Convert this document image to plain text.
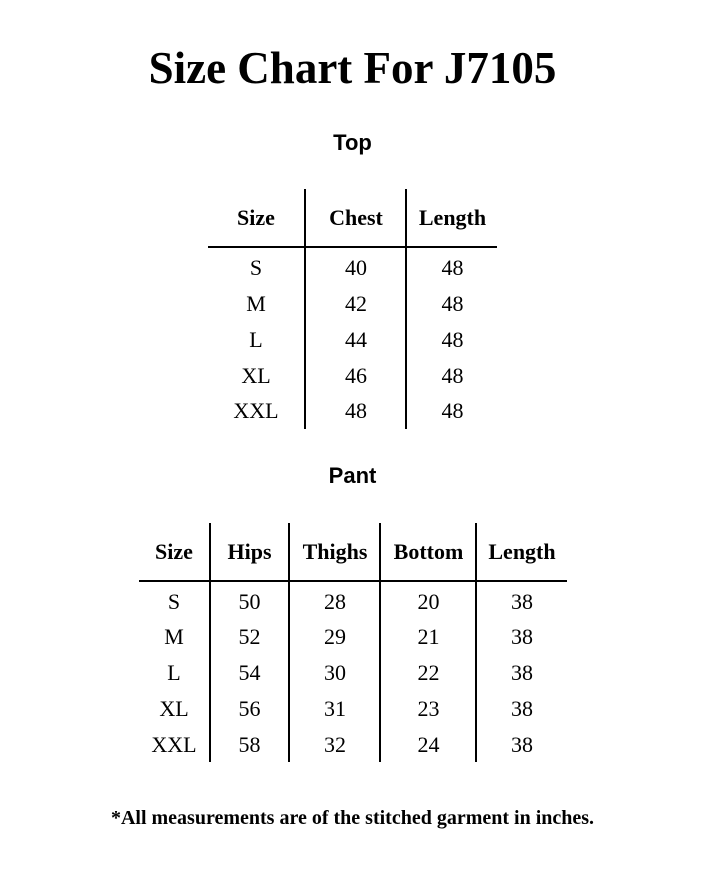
Size Chart For J7105
Top
Size	Chest	Length
S	40	48
M	42	48
L	44	48
XL	46	48
XXL	48	48
Pant
Size	Hips	Thighs	Bottom	Length
S	50	28	20	38
M	52	29	21	38
L	54	30	22	38
XL	56	31	23	38
XXL	58	32	24	38
*All measurements are of the stitched garment in inches.
